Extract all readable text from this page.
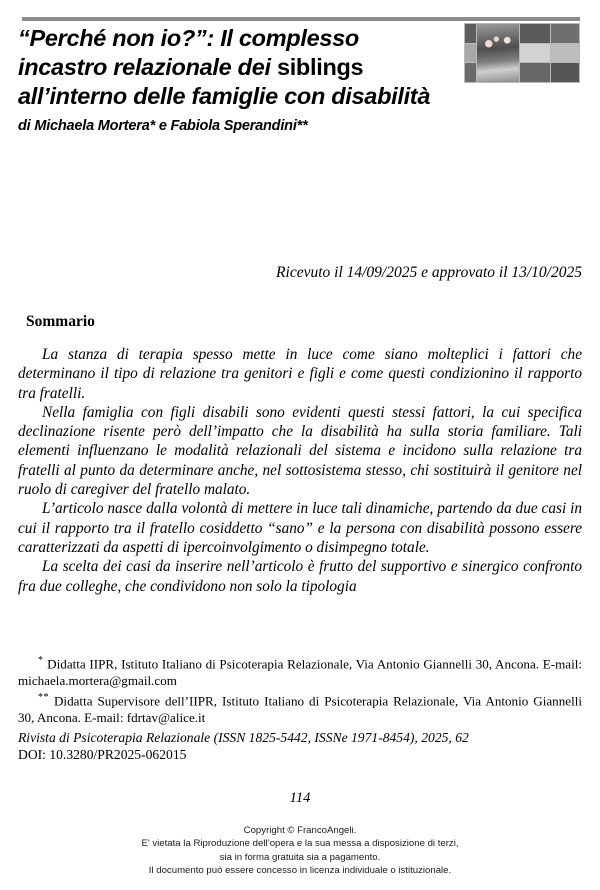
“Perché non io?”: Il complesso
incastro relazionale dei siblings
all’interno delle famiglie con disabilità
di Michaela Mortera* e Fabiola Sperandini**
Ricevuto il 14/09/2025 e approvato il 13/10/2025
Sommario

La stanza di terapia spesso mette in luce come siano molteplici i fattori che determinano il tipo di relazione tra genitori e figli e come questi condizionino il rapporto tra fratelli.

Nella famiglia con figli disabili sono evidenti questi stessi fattori, la cui specifica declinazione risente però dell’impatto che la disabilità ha sulla storia familiare. Tali elementi influenzano le modalità relazionali del sistema e incidono sulla relazione tra fratelli al punto da determinare anche, nel sottosistema stesso, chi sostituirà il genitore nel ruolo di caregiver del fratello malato.

L’articolo nasce dalla volontà di mettere in luce tali dinamiche, partendo da due casi in cui il rapporto tra il fratello cosiddetto “sano” e la persona con disabilità possono essere caratterizzati da aspetti di ipercoinvolgimento o disimpegno totale.

La scelta dei casi da inserire nell’articolo è frutto del supportivo e sinergico confronto fra due colleghe, che condividono non solo la tipologia

* Didatta IIPR, Istituto Italiano di Psicoterapia Relazionale, Via Antonio Giannelli 30, Ancona. E-mail: michaela.mortera@gmail.com

** Didatta Supervisore dell’IIPR, Istituto Italiano di Psicoterapia Relazionale, Via Antonio Giannelli 30, Ancona. E-mail: fdrtav@alice.it

Rivista di Psicoterapia Relazionale (ISSN 1825-5442, ISSNe 1971-8454), 2025, 62
DOI: 10.3280/PR2025-062015
114
Copyright © FrancoAngeli.
E' vietata la Riproduzione dell’opera e la sua messa a disposizione di terzi,
sia in forma gratuita sia a pagamento.
Il documento può essere concesso in licenza individuale o istituzionale.
